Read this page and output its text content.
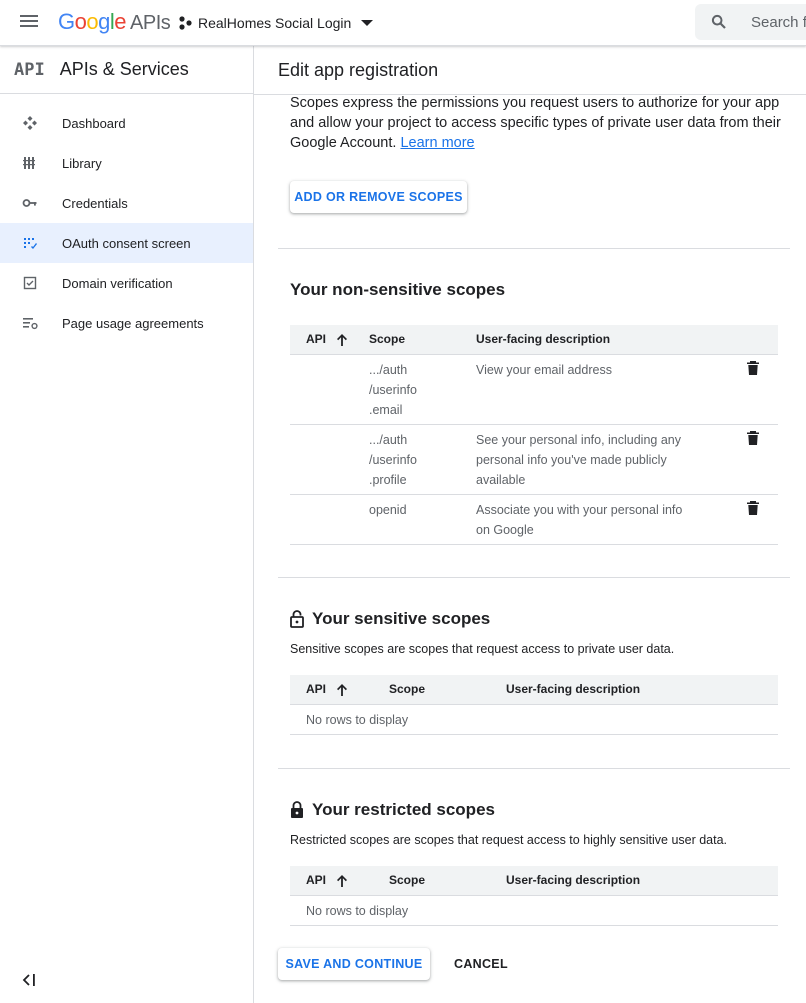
Google APIs RealHomes Social Login
Search f
API APIs & Services
Dashboard
Library
Credentials
OAuth consent screen
Domain verification
Page usage agreements
Edit app registration
Scopes express the permissions you request users to authorize for your app and allow your project to access specific types of private user data from their Google Account. Learn more
ADD OR REMOVE SCOPES
Your non-sensitive scopes
API	Scope	User-facing description	

	.../auth /userinfo .email	View your email address	

	.../auth /userinfo .profile	See your personal info, including any personal info you've made publicly available

	openid	Associate you with your personal info on Google

Your sensitive scopes
Sensitive scopes are scopes that request access to private user data.
API	Scope	User-facing description
No rows to display
Your restricted scopes
Restricted scopes are scopes that request access to highly sensitive user data.
API	Scope	User-facing description
No rows to display
SAVE AND CONTINUE	CANCEL
